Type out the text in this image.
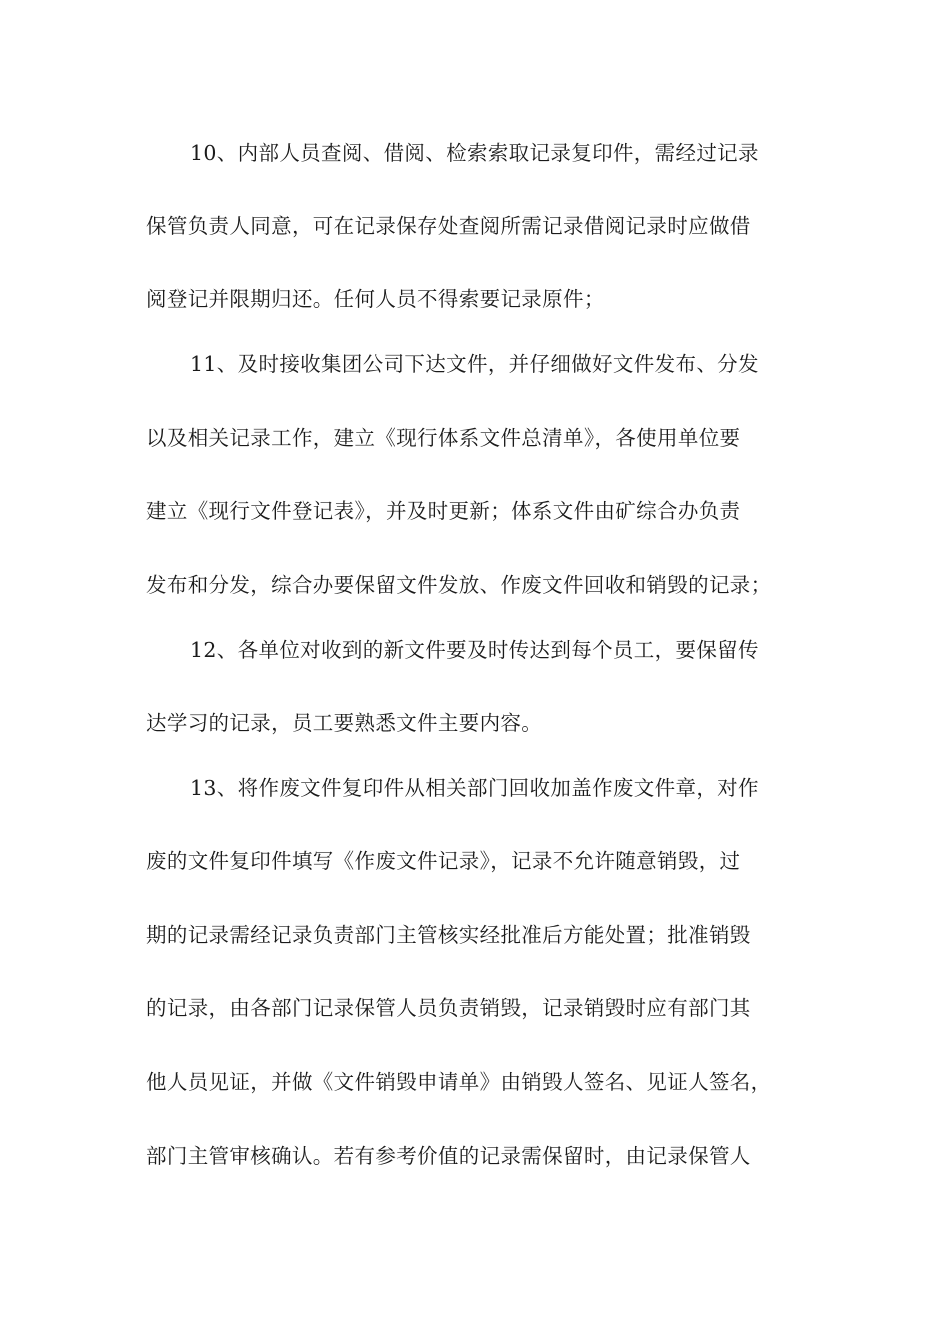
10、内部人员查阅、借阅、检索索取记录复印件，需经过记录
保管负责人同意，可在记录保存处查阅所需记录借阅记录时应做借
阅登记并限期归还。任何人员不得索要记录原件；
11、及时接收集团公司下达文件，并仔细做好文件发布、分发
以及相关记录工作，建立《现行体系文件总清单》，各使用单位要
建立《现行文件登记表》，并及时更新；体系文件由矿综合办负责
发布和分发，综合办要保留文件发放、作废文件回收和销毁的记录；
12、各单位对收到的新文件要及时传达到每个员工，要保留传
达学习的记录，员工要熟悉文件主要内容。
13、将作废文件复印件从相关部门回收加盖作废文件章，对作
废的文件复印件填写《作废文件记录》，记录不允许随意销毁，过
期的记录需经记录负责部门主管核实经批准后方能处置；批准销毁
的记录，由各部门记录保管人员负责销毁，记录销毁时应有部门其
他人员见证，并做《文件销毁申请单》由销毁人签名、见证人签名，
部门主管审核确认。若有参考价值的记录需保留时，由记录保管人
